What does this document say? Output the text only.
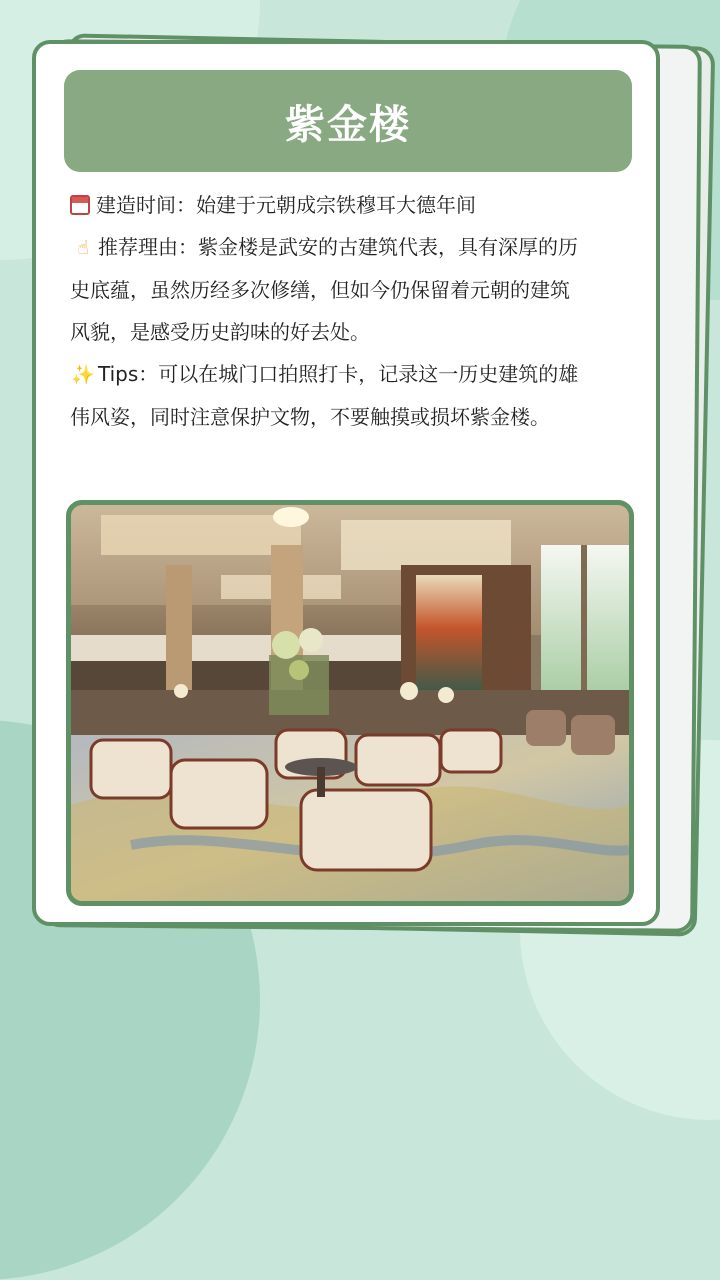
紫金楼
建造时间：始建于元朝成宗铁穆耳大德年间
☝ 推荐理由：紫金楼是武安的古建筑代表，具有深厚的历
史底蕴，虽然历经多次修缮，但如今仍保留着元朝的建筑
风貌，是感受历史韵味的好去处。
✨ Tips：可以在城门口拍照打卡，记录这一历史建筑的雄
伟风姿，同时注意保护文物，不要触摸或损坏紫金楼。
